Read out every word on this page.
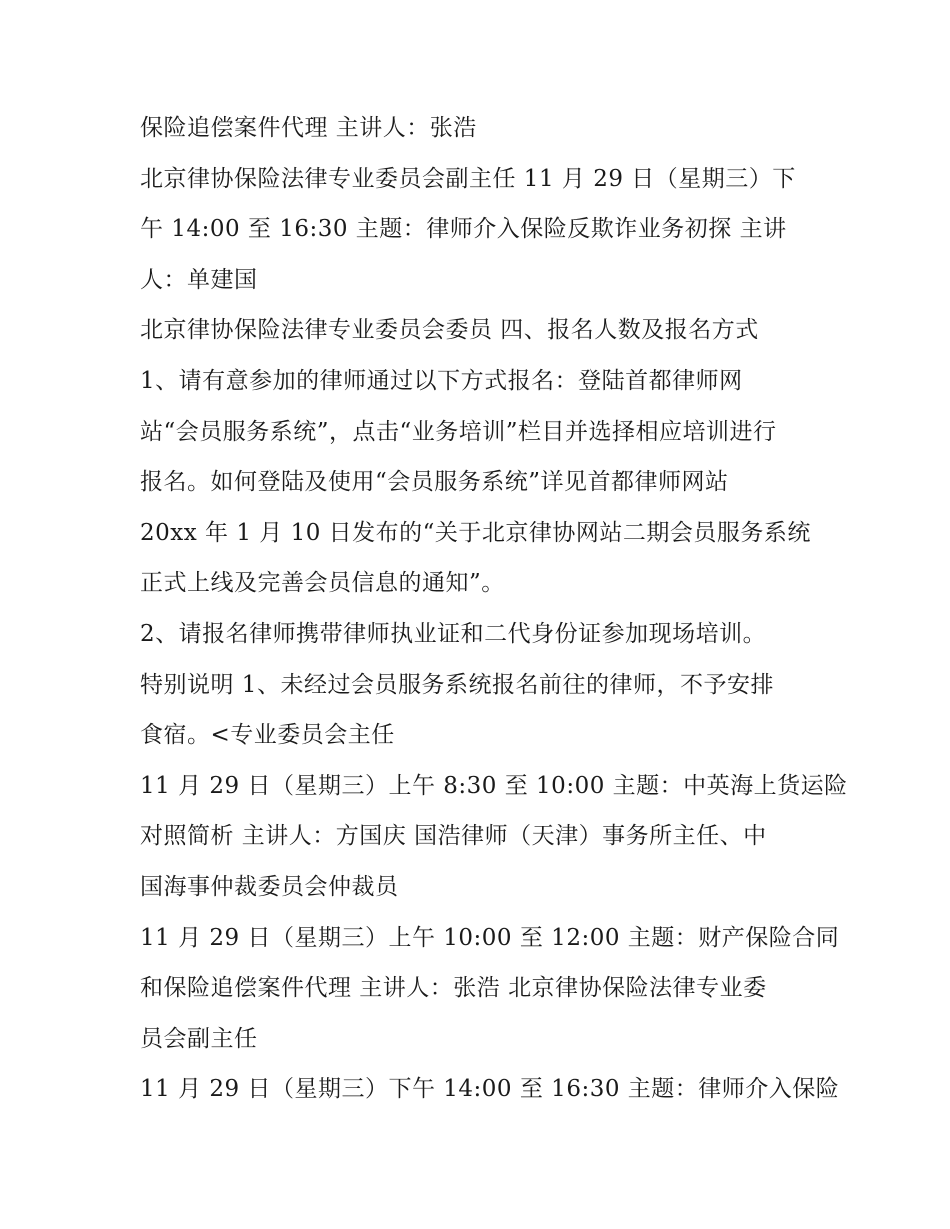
保险追偿案件代理 主讲人：张浩
北京律协保险法律专业委员会副主任 11 月 29 日（星期三）下
午 14:00 至 16:30 主题：律师介入保险反欺诈业务初探 主讲
人：单建国
北京律协保险法律专业委员会委员 四、报名人数及报名方式
1、请有意参加的律师通过以下方式报名：登陆首都律师网
站“会员服务系统”，点击“业务培训”栏目并选择相应培训进行
报名。如何登陆及使用“会员服务系统”详见首都律师网站
20xx 年 1 月 10 日发布的“关于北京律协网站二期会员服务系统
正式上线及完善会员信息的通知”。
2、请报名律师携带律师执业证和二代身份证参加现场培训。
特别说明 1、未经过会员服务系统报名前往的律师，不予安排
食宿。<专业委员会主任
11 月 29 日（星期三）上午 8:30 至 10:00 主题：中英海上货运险
对照简析 主讲人：方国庆 国浩律师（天津）事务所主任、中
国海事仲裁委员会仲裁员
11 月 29 日（星期三）上午 10:00 至 12:00 主题：财产保险合同
和保险追偿案件代理 主讲人：张浩 北京律协保险法律专业委
员会副主任
11 月 29 日（星期三）下午 14:00 至 16:30 主题：律师介入保险
